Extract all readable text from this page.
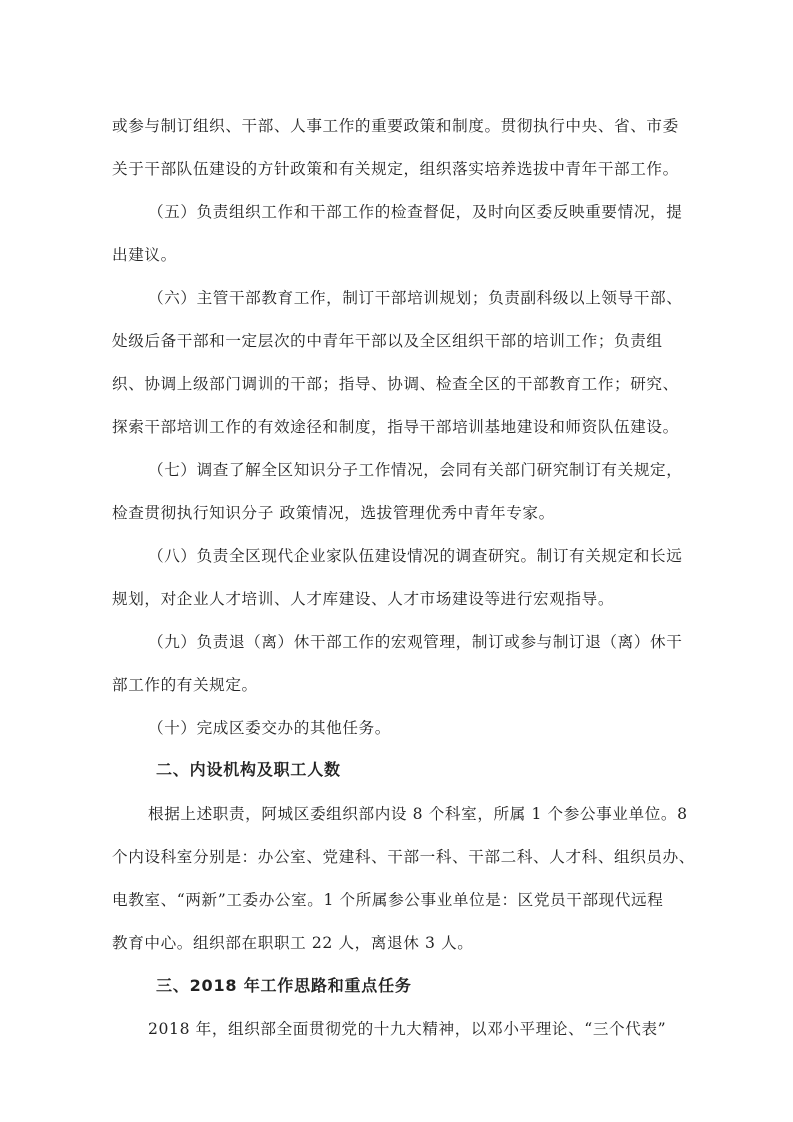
或参与制订组织、干部、人事工作的重要政策和制度。贯彻执行中央、省、市委
关于干部队伍建设的方针政策和有关规定，组织落实培养选拔中青年干部工作。
（五）负责组织工作和干部工作的检查督促，及时向区委反映重要情况，提
出建议。
（六）主管干部教育工作，制订干部培训规划；负责副科级以上领导干部、
处级后备干部和一定层次的中青年干部以及全区组织干部的培训工作；负责组
织、协调上级部门调训的干部；指导、协调、检查全区的干部教育工作；研究、
探索干部培训工作的有效途径和制度，指导干部培训基地建设和师资队伍建设。
（七）调查了解全区知识分子工作情况，会同有关部门研究制订有关规定，
检查贯彻执行知识分子 政策情况，选拔管理优秀中青年专家。
（八）负责全区现代企业家队伍建设情况的调查研究。制订有关规定和长远
规划，对企业人才培训、人才库建设、人才市场建设等进行宏观指导。
（九）负责退（离）休干部工作的宏观管理，制订或参与制订退（离）休干
部工作的有关规定。
（十）完成区委交办的其他任务。
二、内设机构及职工人数
根据上述职责，阿城区委组织部内设 8 个科室，所属 1 个参公事业单位。8
个内设科室分别是：办公室、党建科、干部一科、干部二科、人才科、组织员办、
电教室、“两新”工委办公室。1 个所属参公事业单位是：区党员干部现代远程
教育中心。组织部在职职工 22 人，离退休 3 人。
三、2018 年工作思路和重点任务
2018 年，组织部全面贯彻党的十九大精神，以邓小平理论、“三个代表”
